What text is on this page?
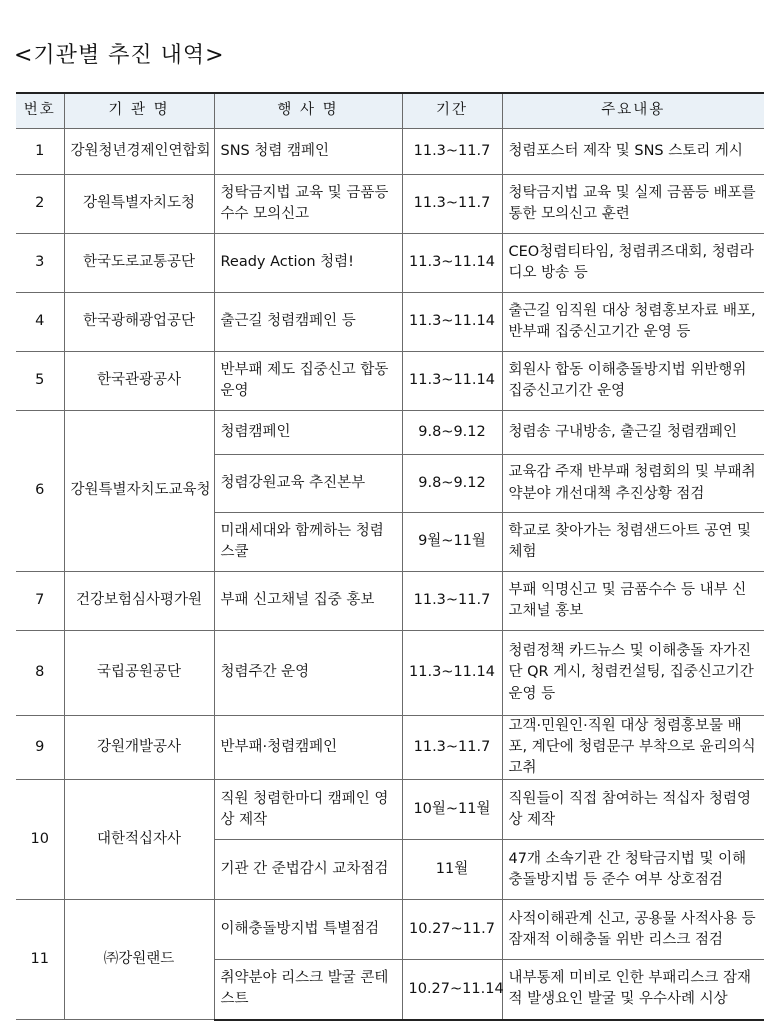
<기관별 추진 내역>
번호	기 관 명	행 사 명	기간	주요내용
1	강원청년경제인연합회	SNS 청렴 캠페인	11.3~11.7	청렴포스터 제작 및 SNS 스토리 게시
2	강원특별자치도청	청탁금지법 교육 및 금품등 수수 모의신고	11.3~11.7	청탁금지법 교육 및 실제 금품등 배포를 통한 모의신고 훈련
3	한국도로교통공단	Ready Action 청렴!	11.3~11.14	CEO청렴티타임, 청렴퀴즈대회, 청렴라디오 방송 등
4	한국광해광업공단	출근길 청렴캠페인 등	11.3~11.14	출근길 임직원 대상 청렴홍보자료 배포, 반부패 집중신고기간 운영 등
5	한국관광공사	반부패 제도 집중신고 합동운영	11.3~11.14	회원사 합동 이해충돌방지법 위반행위 집중신고기간 운영
6	강원특별자치도교육청	청렴캠페인	9.8~9.12	청렴송 구내방송, 출근길 청렴캠페인
		청렴강원교육 추진본부	9.8~9.12	교육감 주재 반부패 청렴회의 및 부패취약분야 개선대책 추진상황 점검
		미래세대와 함께하는 청렴스쿨	9월~11월	학교로 찾아가는 청렴샌드아트 공연 및 체험
7	건강보험심사평가원	부패 신고채널 집중 홍보	11.3~11.7	부패 익명신고 및 금품수수 등 내부 신고채널 홍보
8	국립공원공단	청렴주간 운영	11.3~11.14	청렴정책 카드뉴스 및 이해충돌 자가진단 QR 게시, 청렴컨설팅, 집중신고기간 운영 등
9	강원개발공사	반부패·청렴캠페인	11.3~11.7	고객·민원인·직원 대상 청렴홍보물 배포, 계단에 청렴문구 부착으로 윤리의식 고취
10	대한적십자사	직원 청렴한마디 캠페인 영상 제작	10월~11월	직원들이 직접 참여하는 적십자 청렴영상 제작
		기관 간 준법감시 교차점검	11월	47개 소속기관 간 청탁금지법 및 이해충돌방지법 등 준수 여부 상호점검
11	㈜강원랜드	이해충돌방지법 특별점검	10.27~11.7	사적이해관계 신고, 공용물 사적사용 등 잠재적 이해충돌 위반 리스크 점검
		취약분야 리스크 발굴 콘테스트	10.27~11.14	내부통제 미비로 인한 부패리스크 잠재적 발생요인 발굴 및 우수사례 시상
